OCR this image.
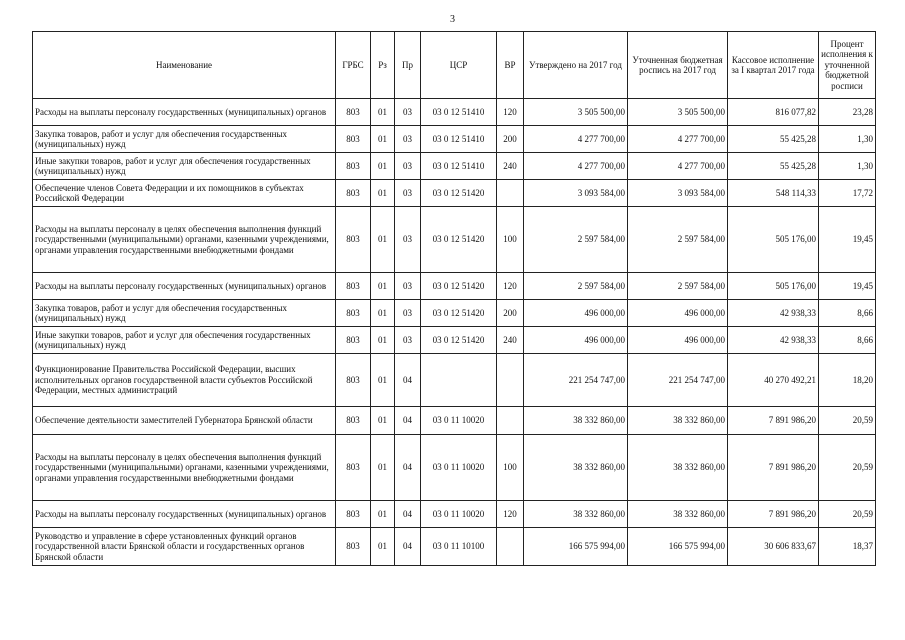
3
Наименование	ГРБС	Рз	Пр	ЦСР	ВР	Утверждено на 2017 год	Уточненная бюджетная роспись на 2017 год	Кассовое исполнение за I квартал 2017 года	Процент исполнения к уточненной бюджетной росписи
Расходы на выплаты персоналу государственных (муниципальных) органов	803	01	03	03 0 12 51410	120	3 505 500,00	3 505 500,00	816 077,82	23,28
Закупка товаров, работ и услуг для обеспечения государственных (муниципальных) нужд	803	01	03	03 0 12 51410	200	4 277 700,00	4 277 700,00	55 425,28	1,30
Иные закупки товаров, работ и услуг для обеспечения государственных (муниципальных) нужд	803	01	03	03 0 12 51410	240	4 277 700,00	4 277 700,00	55 425,28	1,30
Обеспечение членов Совета Федерации и их помощников в субъектах Российской Федерации	803	01	03	03 0 12 51420		3 093 584,00	3 093 584,00	548 114,33	17,72
Расходы на выплаты персоналу в целях обеспечения выполнения функций государственными (муниципальными) органами, казенными учреждениями, органами управления государственными внебюджетными фондами	803	01	03	03 0 12 51420	100	2 597 584,00	2 597 584,00	505 176,00	19,45
Расходы на выплаты персоналу государственных (муниципальных) органов	803	01	03	03 0 12 51420	120	2 597 584,00	2 597 584,00	505 176,00	19,45
Закупка товаров, работ и услуг для обеспечения государственных (муниципальных) нужд	803	01	03	03 0 12 51420	200	496 000,00	496 000,00	42 938,33	8,66
Иные закупки товаров, работ и услуг для обеспечения государственных (муниципальных) нужд	803	01	03	03 0 12 51420	240	496 000,00	496 000,00	42 938,33	8,66
Функционирование Правительства Российской Федерации, высших исполнительных органов государственной власти субъектов Российской Федерации, местных администраций	803	01	04			221 254 747,00	221 254 747,00	40 270 492,21	18,20
Обеспечение деятельности заместителей Губернатора Брянской области	803	01	04	03 0 11 10020		38 332 860,00	38 332 860,00	7 891 986,20	20,59
Расходы на выплаты персоналу в целях обеспечения выполнения функций государственными (муниципальными) органами, казенными учреждениями, органами управления государственными внебюджетными фондами	803	01	04	03 0 11 10020	100	38 332 860,00	38 332 860,00	7 891 986,20	20,59
Расходы на выплаты персоналу государственных (муниципальных) органов	803	01	04	03 0 11 10020	120	38 332 860,00	38 332 860,00	7 891 986,20	20,59
Руководство и управление в сфере установленных функций органов государственной власти Брянской области и государственных органов Брянской области	803	01	04	03 0 11 10100		166 575 994,00	166 575 994,00	30 606 833,67	18,37
